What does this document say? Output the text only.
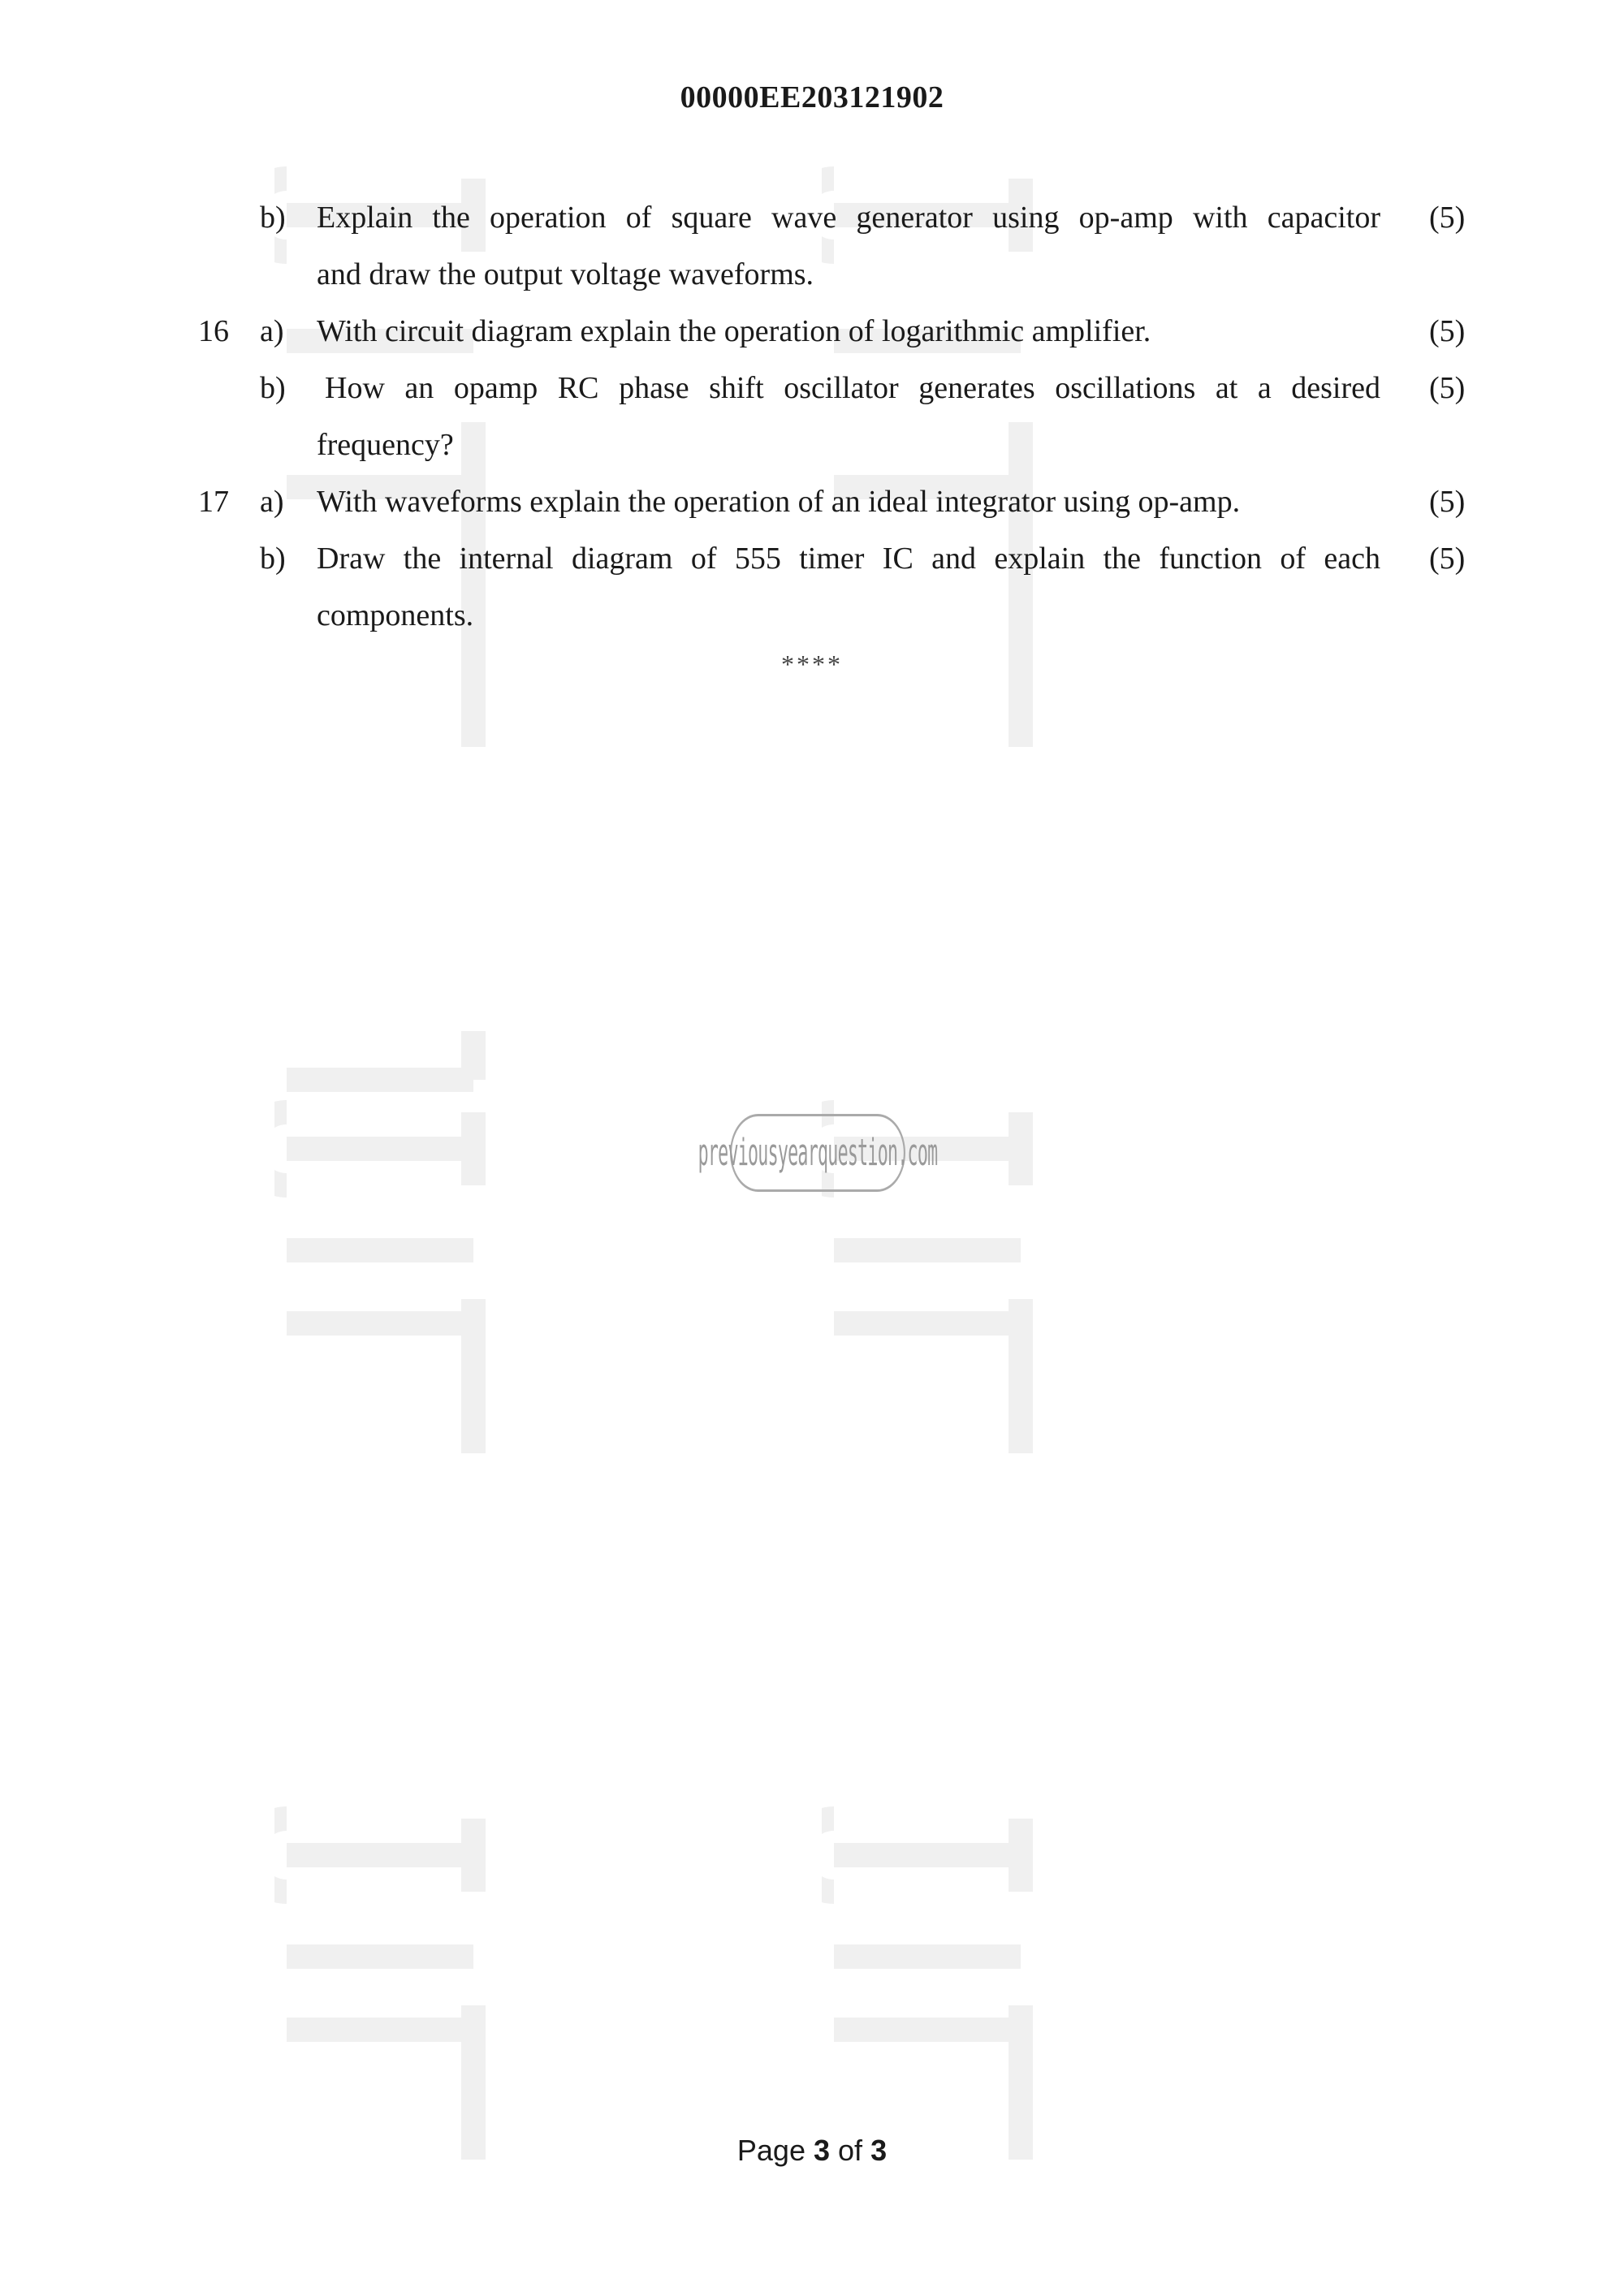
00000EE203121902
b) Explain the operation of square wave generator using op-amp with capacitor (5)
and draw the output voltage waveforms.
16 a) With circuit diagram explain the operation of logarithmic amplifier.	(5)
b) How an opamp RC phase shift oscillator generates oscillations at a desired (5)
frequency?
17 a) With waveforms explain the operation of an ideal integrator using op-amp.	(5)
b) Draw the internal diagram of 555 timer IC and explain the function of each (5)
components.
****
previousyearquestion.com
Page 3 of 3
